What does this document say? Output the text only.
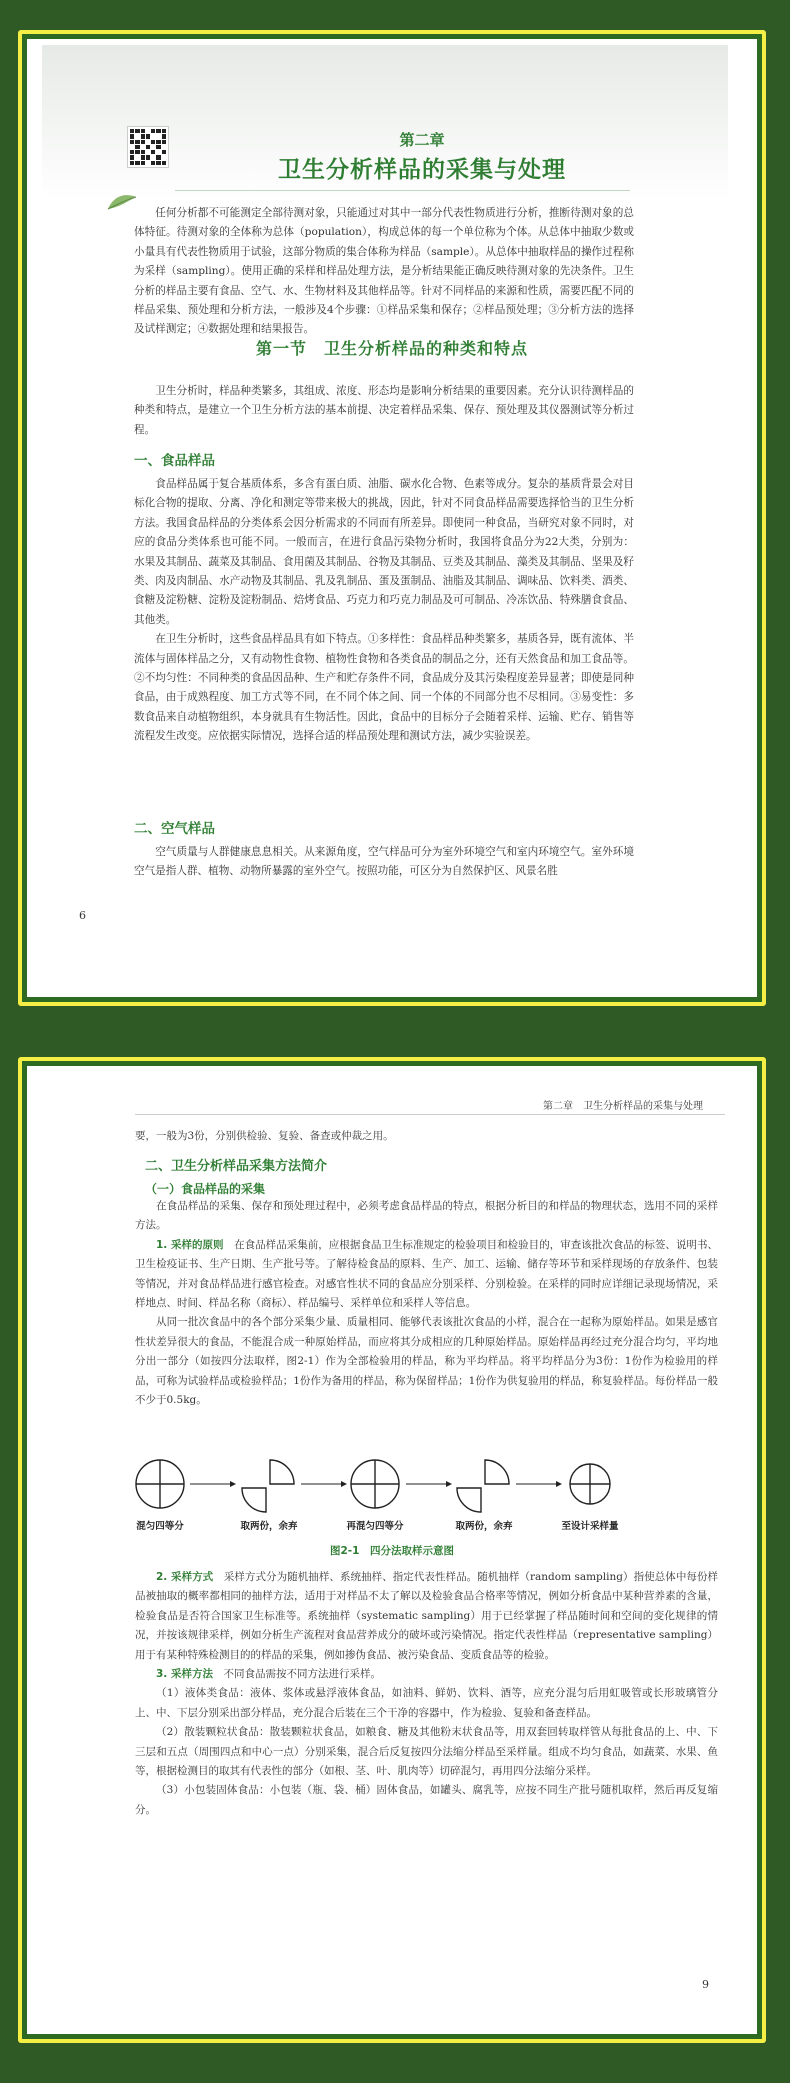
第二章
卫生分析样品的采集与处理

任何分析都不可能测定全部待测对象，只能通过对其中一部分代表性物质进行分析，推断待测对象的总体特征。待测对象的全体称为总体（population），构成总体的每一个单位称为个体。从总体中抽取少数或小量具有代表性物质用于试验，这部分物质的集合体称为样品（sample）。从总体中抽取样品的操作过程称为采样（sampling）。使用正确的采样和样品处理方法，是分析结果能正确反映待测对象的先决条件。卫生分析的样品主要有食品、空气、水、生物材料及其他样品等。针对不同样品的来源和性质，需要匹配不同的样品采集、预处理和分析方法，一般涉及4个步骤：①样品采集和保存；②样品预处理；③分析方法的选择及试样测定；④数据处理和结果报告。

第一节　卫生分析样品的种类和特点

卫生分析时，样品种类繁多，其组成、浓度、形态均是影响分析结果的重要因素。充分认识待测样品的种类和特点，是建立一个卫生分析方法的基本前提、决定着样品采集、保存、预处理及其仪器测试等分析过程。

一、食品样品

食品样品属于复合基质体系，多含有蛋白质、油脂、碳水化合物、色素等成分。复杂的基质背景会对目标化合物的提取、分离、净化和测定等带来极大的挑战，因此，针对不同食品样品需要选择恰当的卫生分析方法。我国食品样品的分类体系会因分析需求的不同而有所差异。即使同一种食品，当研究对象不同时，对应的食品分类体系也可能不同。一般而言，在进行食品污染物分析时，我国将食品分为22大类，分别为：水果及其制品、蔬菜及其制品、食用菌及其制品、谷物及其制品、豆类及其制品、藻类及其制品、坚果及籽类、肉及肉制品、水产动物及其制品、乳及乳制品、蛋及蛋制品、油脂及其制品、调味品、饮料类、酒类、食糖及淀粉糖、淀粉及淀粉制品、焙烤食品、巧克力和巧克力制品及可可制品、冷冻饮品、特殊膳食食品、其他类。

在卫生分析时，这些食品样品具有如下特点。①多样性：食品样品种类繁多，基质各异，既有流体、半流体与固体样品之分，又有动物性食物、植物性食物和各类食品的制品之分，还有天然食品和加工食品等。②不均匀性：不同种类的食品因品种、生产和贮存条件不同，食品成分及其污染程度差异显著；即使是同种食品，由于成熟程度、加工方式等不同，在不同个体之间、同一个体的不同部分也不尽相同。③易变性：多数食品来自动植物组织，本身就具有生物活性。因此，食品中的目标分子会随着采样、运输、贮存、销售等流程发生改变。应依据实际情况，选择合适的样品预处理和测试方法，减少实验误差。

二、空气样品

空气质量与人群健康息息相关。从来源角度，空气样品可分为室外环境空气和室内环境空气。室外环境空气是指人群、植物、动物所暴露的室外空气。按照功能，可区分为自然保护区、风景名胜

6
第二章　卫生分析样品的采集与处理

要，一般为3份，分别供检验、复验、备查或仲裁之用。

二、卫生分析样品采集方法简介
（一）食品样品的采集

在食品样品的采集、保存和预处理过程中，必须考虑食品样品的特点，根据分析目的和样品的物理状态，选用不同的采样方法。

1. 采样的原则　 在食品样品采集前，应根据食品卫生标准规定的检验项目和检验目的，审查该批次食品的标签、说明书、卫生检疫证书、生产日期、生产批号等。了解待检食品的原料、生产、加工、运输、储存等环节和采样现场的存放条件、包装等情况，并对食品样品进行感官检查。对感官性状不同的食品应分别采样、分别检验。在采样的同时应详细记录现场情况，采样地点、时间、样品名称（商标）、样品编号、采样单位和采样人等信息。

从同一批次食品中的各个部分采集少量、质量相同、能够代表该批次食品的小样，混合在一起称为原始样品。如果是感官性状差异很大的食品，不能混合成一种原始样品，而应将其分成相应的几种原始样品。原始样品再经过充分混合均匀，平均地分出一部分（如按四分法取样，图2-1）作为全部检验用的样品，称为平均样品。将平均样品分为3份：1份作为检验用的样品，可称为试验样品或检验样品；1份作为备用的样品，称为保留样品；1份作为供复验用的样品，称复验样品。每份样品一般不少于0.5kg。

混匀四等分	取两份，余弃	再混匀四等分	取两份，余弃	至设计采样量
图2-1　四分法取样示意图

2. 采样方式　 采样方式分为随机抽样、系统抽样、指定代表性样品。随机抽样（random sampling）指使总体中每份样品被抽取的概率都相同的抽样方法，适用于对样品不太了解以及检验食品合格率等情况，例如分析食品中某种营养素的含量，检验食品是否符合国家卫生标准等。系统抽样（systematic sampling）用于已经掌握了样品随时间和空间的变化规律的情况，并按该规律采样，例如分析生产流程对食品营养成分的破坏或污染情况。指定代表性样品（representative sampling）用于有某种特殊检测目的的样品的采集，例如掺伪食品、被污染食品、变质食品等的检验。

3. 采样方法　 不同食品需按不同方法进行采样。

（1）液体类食品：液体、浆体或悬浮液体食品，如油料、鲜奶、饮料、酒等，应充分混匀后用虹吸管或长形玻璃管分上、中、下层分别采出部分样品，充分混合后装在三个干净的容器中，作为检验、复验和备查样品。

（2）散装颗粒状食品：散装颗粒状食品，如粮食、糖及其他粉末状食品等，用双套回转取样管从每批食品的上、中、下三层和五点（周围四点和中心一点）分别采集，混合后反复按四分法缩分样品至采样量。组成不均匀食品，如蔬菜、水果、鱼等，根据检测目的取其有代表性的部分（如根、茎、叶、肌肉等）切碎混匀，再用四分法缩分采样。

（3）小包装固体食品：小包装（瓶、袋、桶）固体食品，如罐头、腐乳等，应按不同生产批号随机取样，然后再反复缩分。

9
